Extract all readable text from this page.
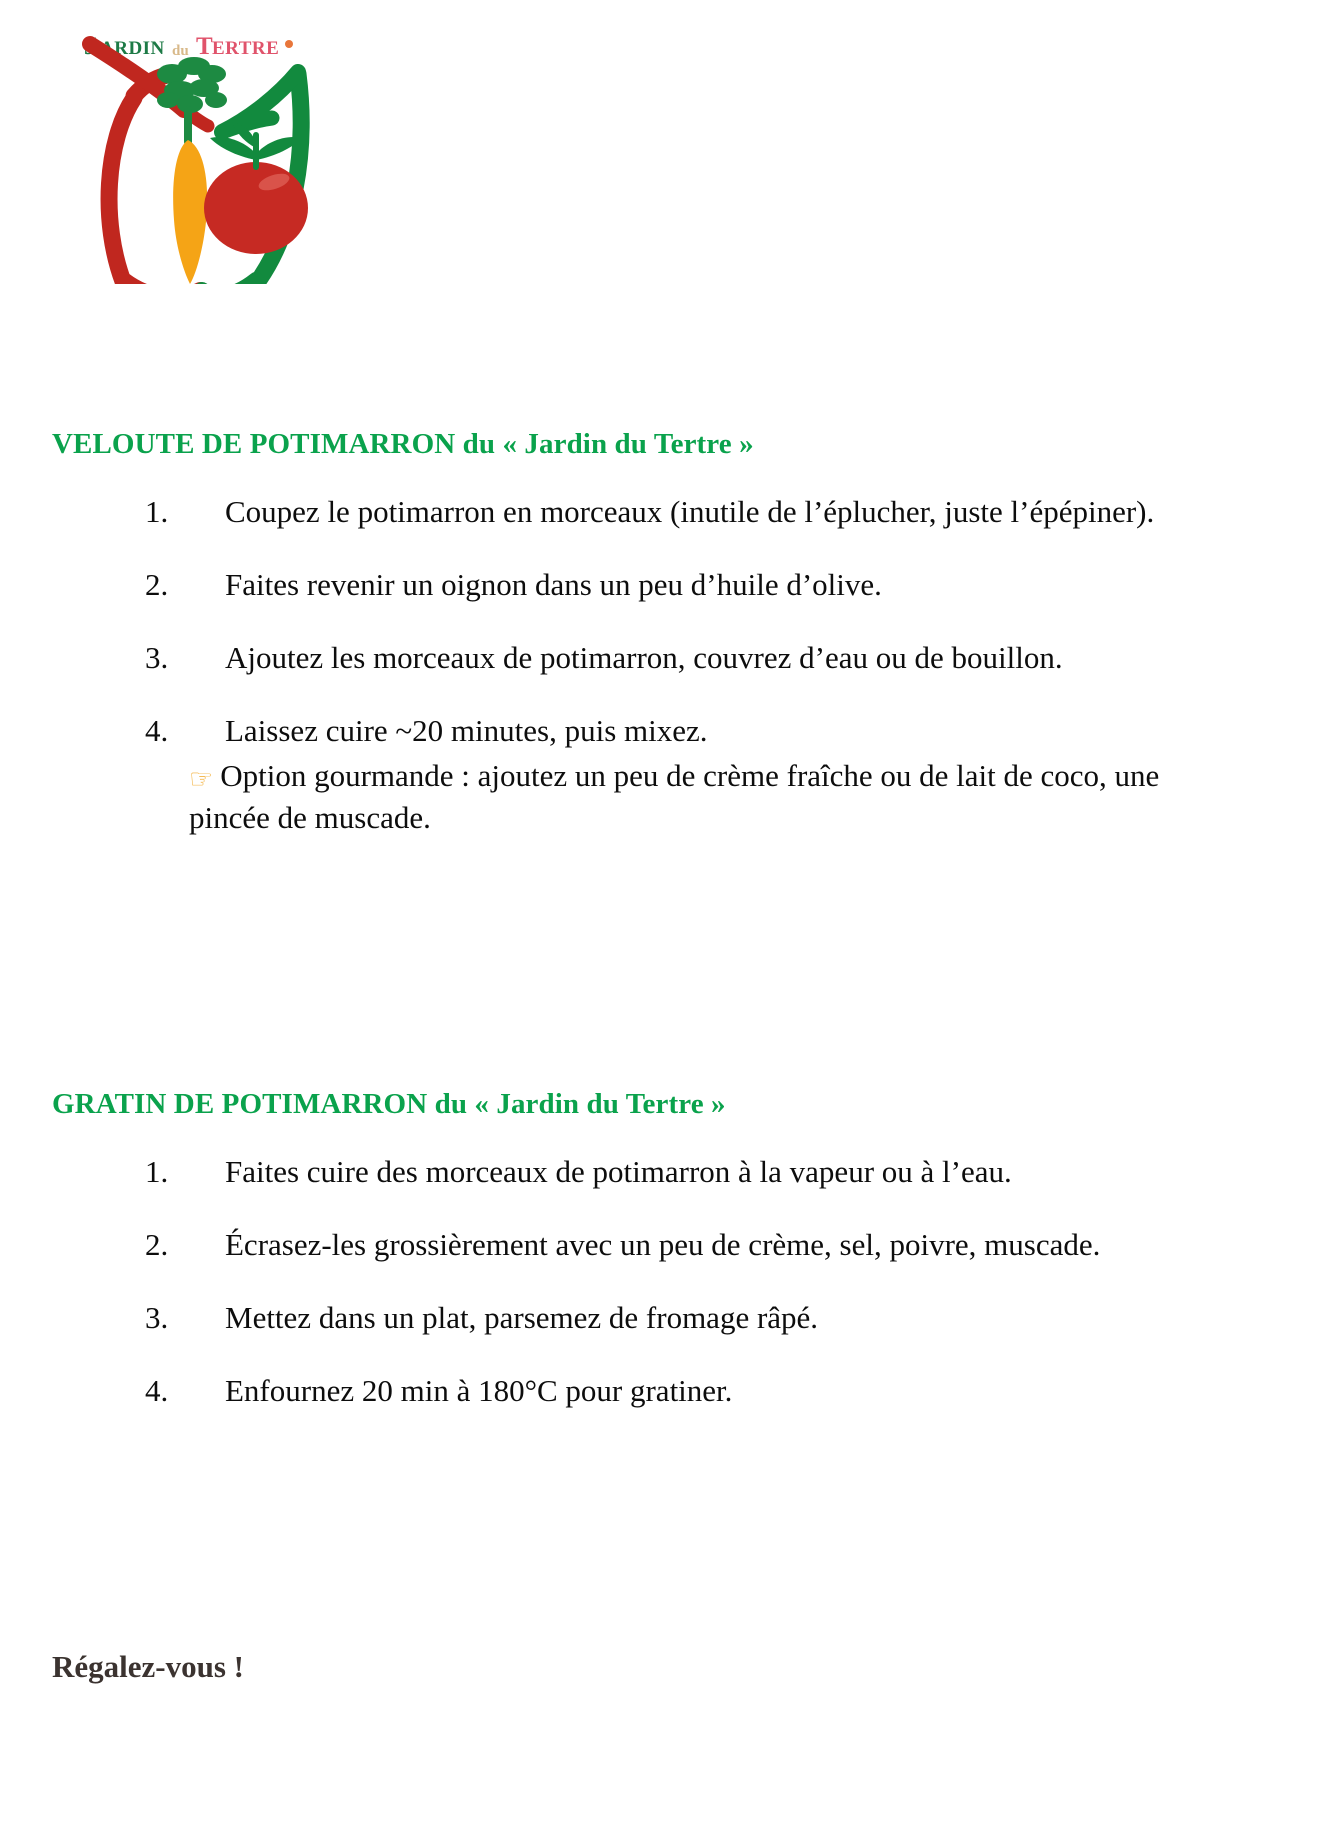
J ARDIN du T ERTRE
VELOUTE DE POTIMARRON du « Jardin du Tertre »
1.	Coupez le potimarron en morceaux (inutile de l’éplucher, juste l’épépiner).
2.	Faites revenir un oignon dans un peu d’huile d’olive.
3.	Ajoutez les morceaux de potimarron, couvrez d’eau ou de bouillon.
4.	Laissez cuire ~20 minutes, puis mixez.
☞ Option gourmande : ajoutez un peu de crème fraîche ou de lait de coco, une pincée de muscade.
GRATIN DE POTIMARRON du « Jardin du Tertre »
1.	Faites cuire des morceaux de potimarron à la vapeur ou à l’eau.
2.	Écrasez-les grossièrement avec un peu de crème, sel, poivre, muscade.
3.	Mettez dans un plat, parsemez de fromage râpé.
4.	Enfournez 20 min à 180°C pour gratiner.

Régalez-vous !
